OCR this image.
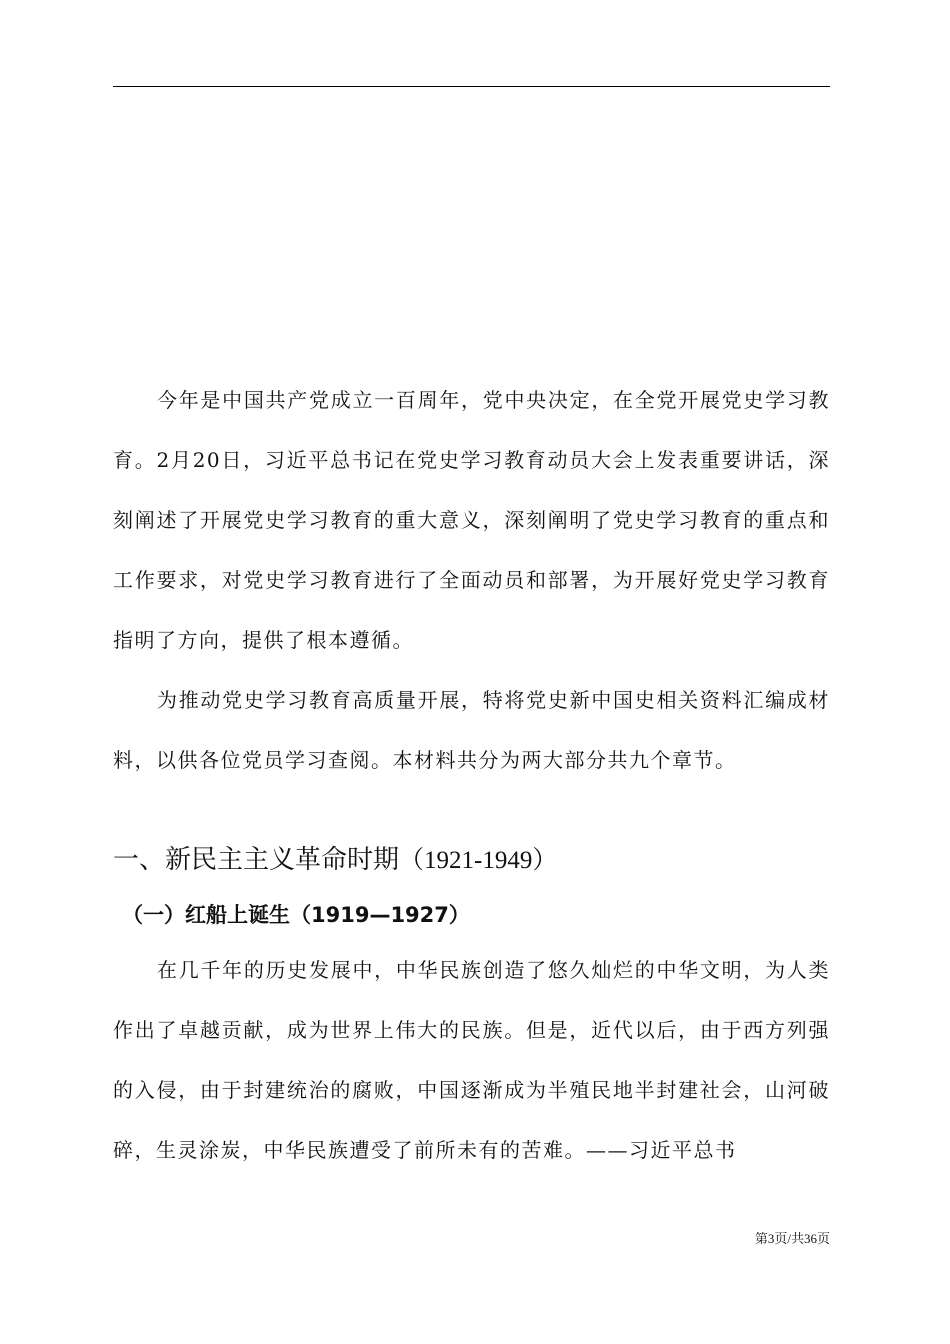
今年是中国共产党成立一百周年，党中央决定，在全党开展党史学习教育。2月20日，习近平总书记在党史学习教育动员大会上发表重要讲话，深刻阐述了开展党史学习教育的重大意义，深刻阐明了党史学习教育的重点和工作要求，对党史学习教育进行了全面动员和部署，为开展好党史学习教育指明了方向，提供了根本遵循。

为推动党史学习教育高质量开展，特将党史新中国史相关资料汇编成材料，以供各位党员学习查阅。本材料共分为两大部分共九个章节。

一、新民主主义革命时期（1921-1949）
（一）红船上诞生（1919—1927）

在几千年的历史发展中，中华民族创造了悠久灿烂的中华文明，为人类作出了卓越贡献，成为世界上伟大的民族。但是，近代以后，由于西方列强的入侵，由于封建统治的腐败，中国逐渐成为半殖民地半封建社会，山河破碎，生灵涂炭，中华民族遭受了前所未有的苦难。——习近平总书

第3页/共36页
